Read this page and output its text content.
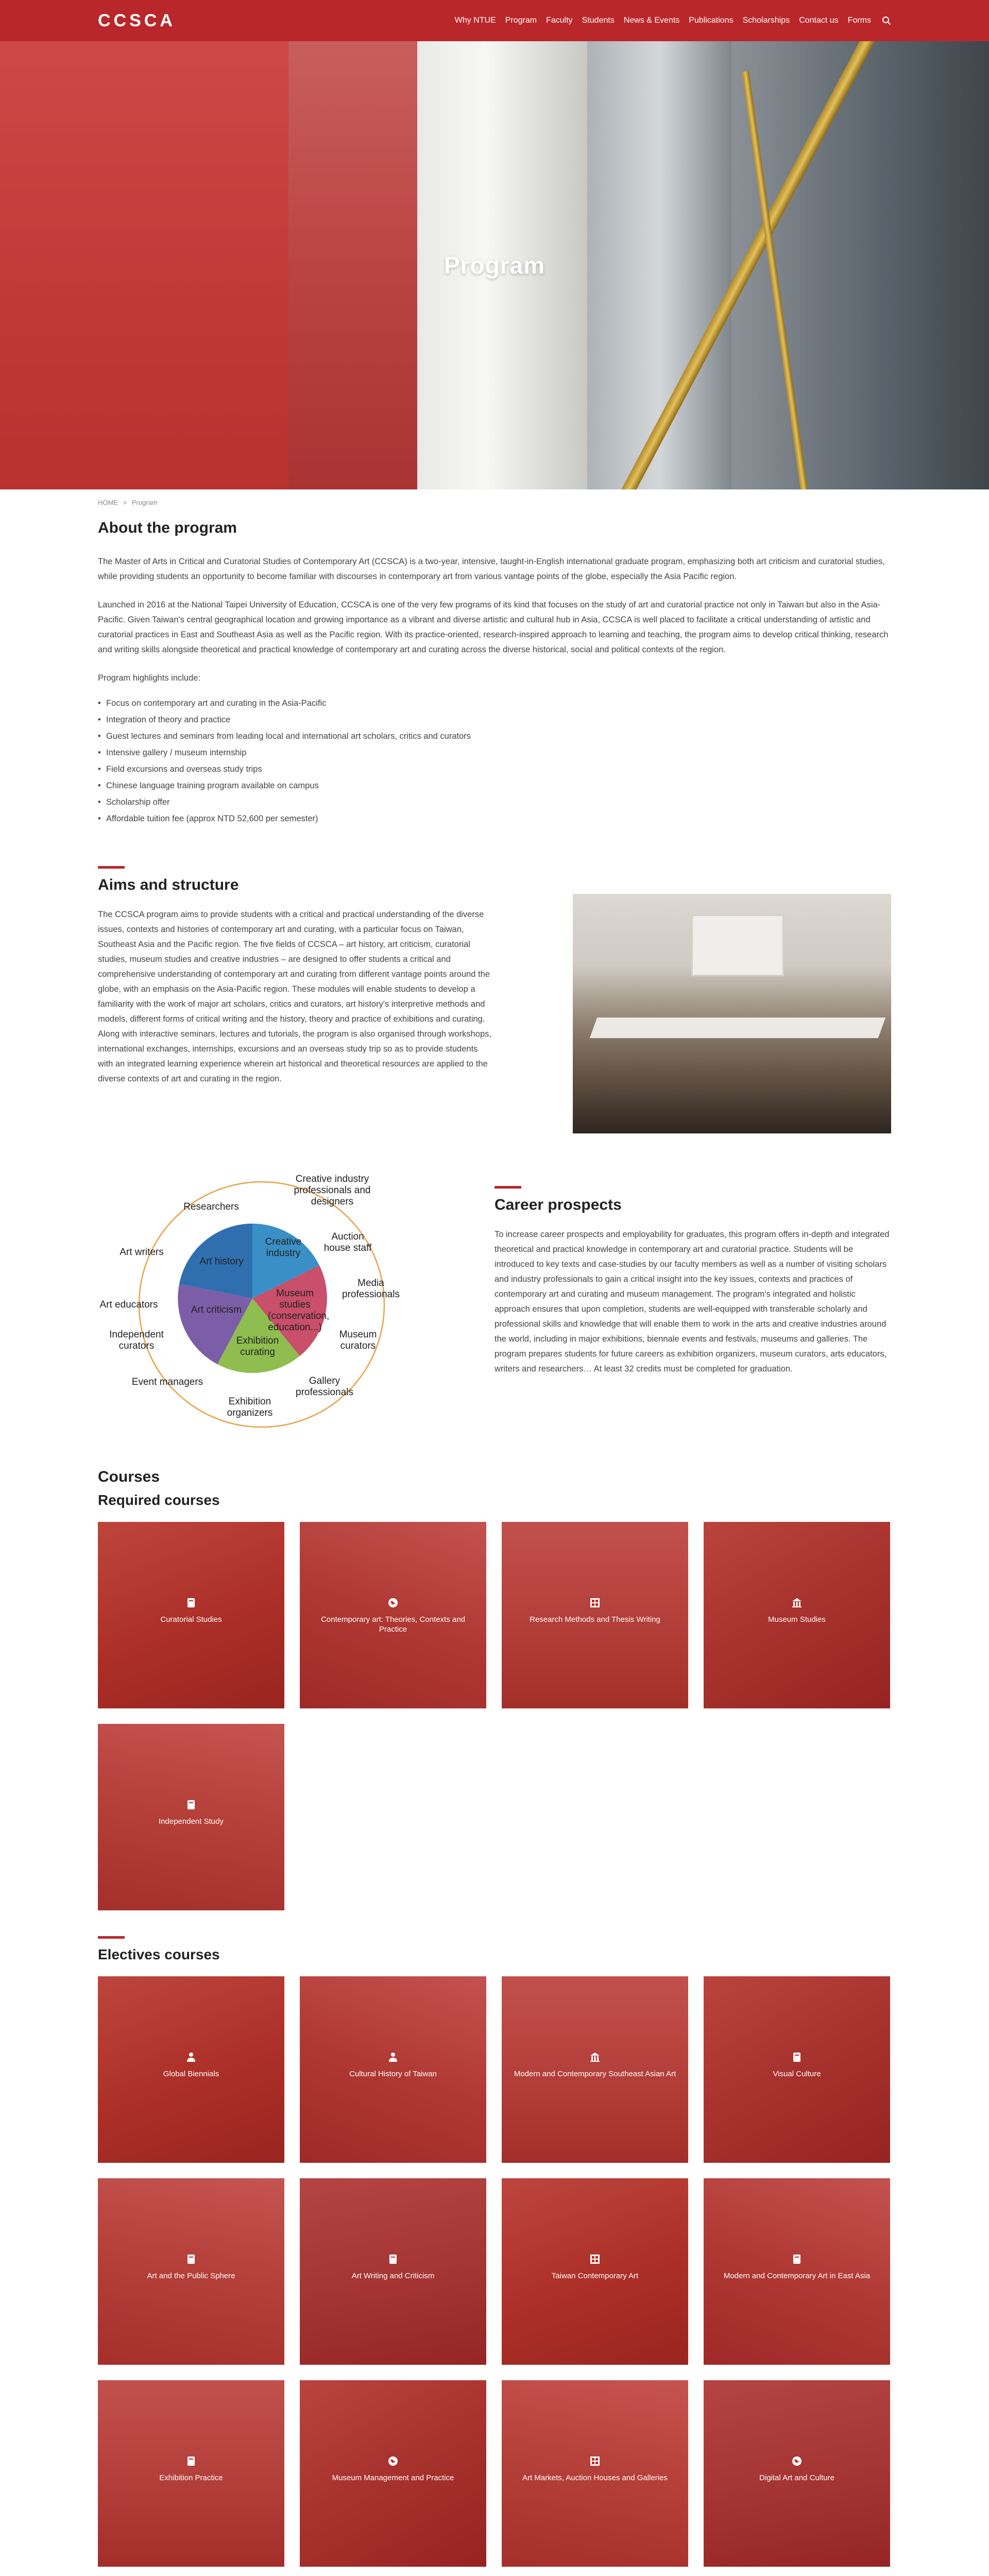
CCSCA	Why NTUE	Program	Faculty	Students	News & Events	Publications	Scholarships	Contact us	Forms
Program
HOME > Program
About the program

The Master of Arts in Critical and Curatorial Studies of Contemporary Art (CCSCA) is a two-year, intensive, taught-in-English international graduate program, emphasizing both art criticism and curatorial studies, while providing students an opportunity to become familiar with discourses in contemporary art from various vantage points of the globe, especially the Asia Pacific region.

Launched in 2016 at the National Taipei University of Education, CCSCA is one of the very few programs of its kind that focuses on the study of art and curatorial practice not only in Taiwan but also in the Asia-Pacific. Given Taiwan's central geographical location and growing importance as a vibrant and diverse artistic and cultural hub in Asia, CCSCA is well placed to facilitate a critical understanding of artistic and curatorial practices in East and Southeast Asia as well as the Pacific region. With its practice-oriented, research-inspired approach to learning and teaching, the program aims to develop critical thinking, research and writing skills alongside theoretical and practical knowledge of contemporary art and curating across the diverse historical, social and political contexts of the region.

Program highlights include:

• Focus on contemporary art and curating in the Asia-Pacific
• Integration of theory and practice
• Guest lectures and seminars from leading local and international art scholars, critics and curators
• Intensive gallery / museum internship
• Field excursions and overseas study trips
• Chinese language training program available on campus
• Scholarship offer
• Affordable tuition fee (approx NTD 52,600 per semester)
Aims and structure

The CCSCA program aims to provide students with a critical and practical understanding of the diverse issues, contexts and histories of contemporary art and curating, with a particular focus on Taiwan, Southeast Asia and the Pacific region. The five fields of CCSCA – art history, art criticism, curatorial studies, museum studies and creative industries – are designed to offer students a critical and comprehensive understanding of contemporary art and curating from different vantage points around the globe, with an emphasis on the Asia-Pacific region. These modules will enable students to develop a familiarity with the work of major art scholars, critics and curators, art history's interpretive methods and models, different forms of critical writing and the history, theory and practice of exhibitions and curating. Along with interactive seminars, lectures and tutorials, the program is also organised through workshops, international exchanges, internships, excursions and an overseas study trip so as to provide students with an integrated learning experience wherein art historical and theoretical resources are applied to the diverse contexts of art and curating in the region.

Creative industry
Museum studies (conservation, education...)
Exhibition curating
Art criticism
Art history
Creative industry professionals and designers
Auction house staff
Media professionals
Museum curators
Gallery professionals
Exhibition organizers
Event managers
Independent curators
Art educators
Art writers
Researchers	Career prospects

To increase career prospects and employability for graduates, this program offers in-depth and integrated theoretical and practical knowledge in contemporary art and curatorial practice. Students will be introduced to key texts and case-studies by our faculty members as well as a number of visiting scholars and industry professionals to gain a critical insight into the key issues, contexts and practices of contemporary art and curating and museum management. The program's integrated and holistic approach ensures that upon completion, students are well-equipped with transferable scholarly and professional skills and knowledge that will enable them to work in the arts and creative industries around the world, including in major exhibitions, biennale events and festivals, museums and galleries. The program prepares students for future careers as exhibition organizers, museum curators, arts educators, writers and researchers… At least 32 credits must be completed for graduation.

Courses
Required courses
Curatorial Studies	Contemporary art: Theories, Contexts and Practice
Research Methods and Thesis Writing	Museum Studies
Independent Study
Electives courses
Global Biennials	Cultural History of Taiwan	Modern and Contemporary Southeast Asian Art	Visual Culture
Art and the Public Sphere	Art Writing and Criticism	Taiwan Contemporary Art	Modern and Contemporary Art in East Asia
Exhibition Practice	Museum Management and Practice	Art Markets, Auction Houses and Galleries	Digital Art and Culture
